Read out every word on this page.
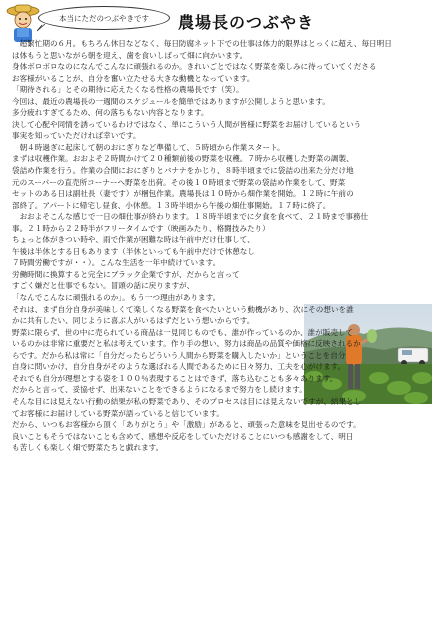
本当にただのつぶやきです 農場長のつぶやき

　超繁忙期の６月。もちろん休日などなく、毎日防腐ネット下での仕事は体力的限界はとっくに超え、毎日明日

は体もうと思いながら朝を迎え、歯を食いしばって畑に向かいます。

身体ボロボロなのになんでこんなに頑張れるのか。きれいごとではなく野菜を楽しみに待っていてくださる

お客様がいることが、自分を奮い立たせる大きな動機となっています。

「期待される」とその期待に応えたくなる性格の農場長です（笑）。

今回は、最近の農場長の一週間のスケジュールを簡単ではありますが公開しようと思います。

多分疲れすぎてるため、何の落ちもない内容となります。

決して心配や同情を誘っているわけではなく、単にこういう人間が皆様に野菜をお届けしているという

事実を知っていただければ幸いです。

　朝４時過ぎに起床して朝のおにぎりなど準備して、５時頃から作業スタート。

まずは収穫作業。おおよそ２時間かけて２０種類前後の野菜を収穫。７時から収穫した野菜の調製、

袋詰め作業を行う。作業の合間におにぎりとバナナをかじり、８時半頃までに袋詰の出来た分だけ地

元のスーパーの直売所コーナーへ野菜を出荷。その後１０時頃まで野菜の袋詰め作業をして、野菜

セットのある日は副社長（妻です）が梱包作業。農場長は１０時から畑作業を開始。１２時に午前の

部終了。アパートに帰宅し昼食、小休憩。１３時半頃から午後の畑仕事開始。１７時に終了。

　おおよそこんな感じで一日の畑仕事が終わります。１８時半頃までに夕食を食べて、２１時まで事務仕

事。２１時から２２時半がフリータイムです（映画みたり、格闘技みたり）

ちょっと体がきつい時や、雨で作業が困難な時は午前中だけ仕事して、

午後は半休とする日もあります（半休といっても午前中だけで休憩なし

７時間労働ですが・・）。こんな生活を一年中続けています。

労働時間に換算すると完全にブラック企業ですが、だからと言って

すごく嫌だと仕事でもない。冒頭の話に戻りますが、

「なんでこんなに頑張れるのか」。もう一つ理由があります。

それは、まず自分自身が美味しくて楽しくなる野菜を食べたいという動機があり、次にその想いを誰

かに共有したい、同じように喜ぶ人がいるはずだという想いからです。

野菜に限らず、世の中に売られている商品は一見同じものでも、誰が作っているのか、誰が販売して

いるのかは非常に重要だと私は考えています。作り手の想い、努力は商品の品質や価格に反映されるか

らです。だから私は常に「自分だったらどういう人間から野菜を購入したいか」ということを自分

自身に問いかけ、自分自身がそのような選ばれる人間であるために日々努力、工夫を心がけます。

それでも自分が理想とする姿を１００％表現することはできず、落ち込むことも多々あります。

だからと言って、妥協せず、出来ないことをできるようになるまで努力をし続けます。

そんな目には見えない行動の結果が私の野菜であり、そのプロセスは目には見えないですが、結果とし

てお客様にお届けしている野菜が語っていると信じています。

だから、いつもお客様から頂く「ありがとう」や「激励」があると、頑張った意味を見出せるのです。

良いこともそうではないことも含めて、感想や反応をしていただけることにいつも感謝をして、明日

も苦しくも楽しく畑で野菜たちと戯れます。
